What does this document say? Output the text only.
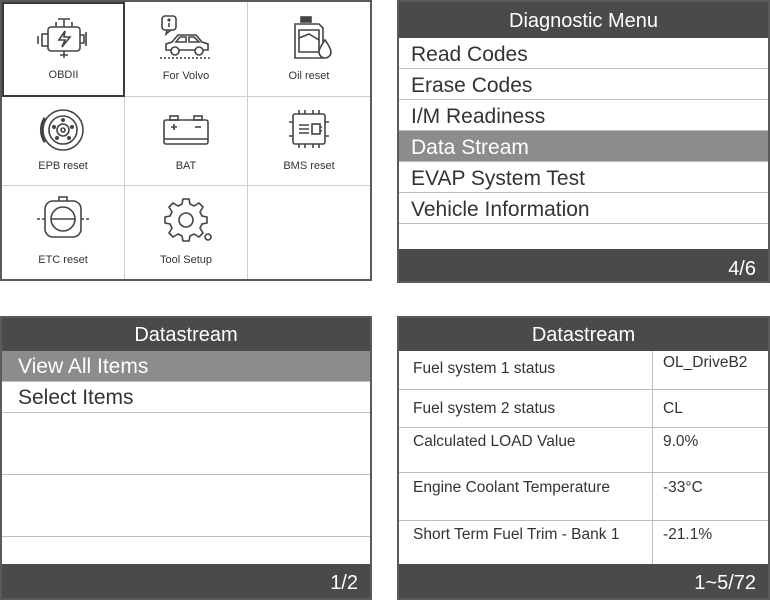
OBDII	For Volvo	Oil reset
EPB reset	BAT	BMS reset
ETC reset	Tool Setup
Diagnostic Menu
Read Codes
Erase Codes
I/M Readiness
Data Stream
EVAP System Test
Vehicle Information
4/6
Datastream
View All Items
Select Items
1/2
Datastream
Fuel system 1 status	OL_DriveB2
Fuel system 2 status	CL
Calculated LOAD Value	9.0%
Engine Coolant Temperature	-33°C
Short Term Fuel Trim - Bank 1	-21.1%
1~5/72
